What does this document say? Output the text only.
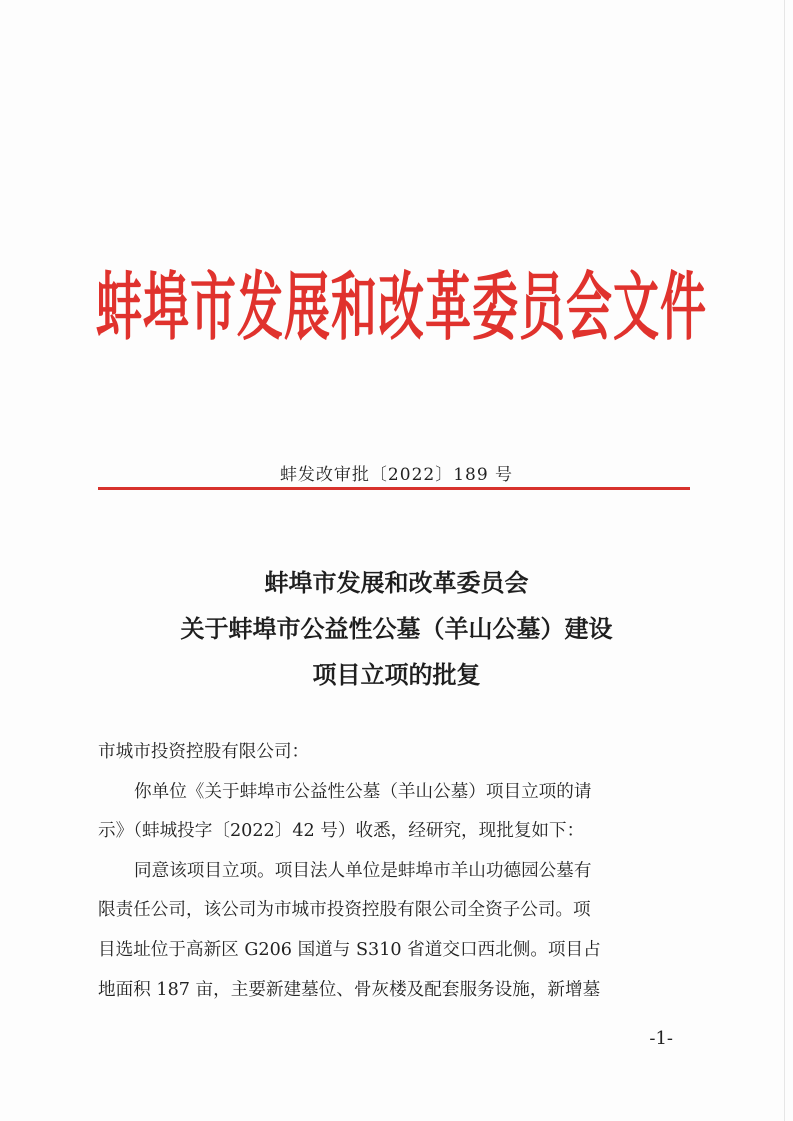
蚌埠市发展和改革委员会文件
蚌发改审批〔2022〕189 号
蚌埠市发展和改革委员会
关于蚌埠市公益性公墓（羊山公墓）建设
项目立项的批复

市城市投资控股有限公司：

你单位《关于蚌埠市公益性公墓（羊山公墓）项目立项的请

示》（蚌城投字〔2022〕42 号）收悉，经研究，现批复如下：

同意该项目立项。项目法人单位是蚌埠市羊山功德园公墓有

限责任公司，该公司为市城市投资控股有限公司全资子公司。项

目选址位于高新区 G206 国道与 S310 省道交口西北侧。项目占

地面积 187 亩，主要新建墓位、骨灰楼及配套服务设施，新增墓

-1-
